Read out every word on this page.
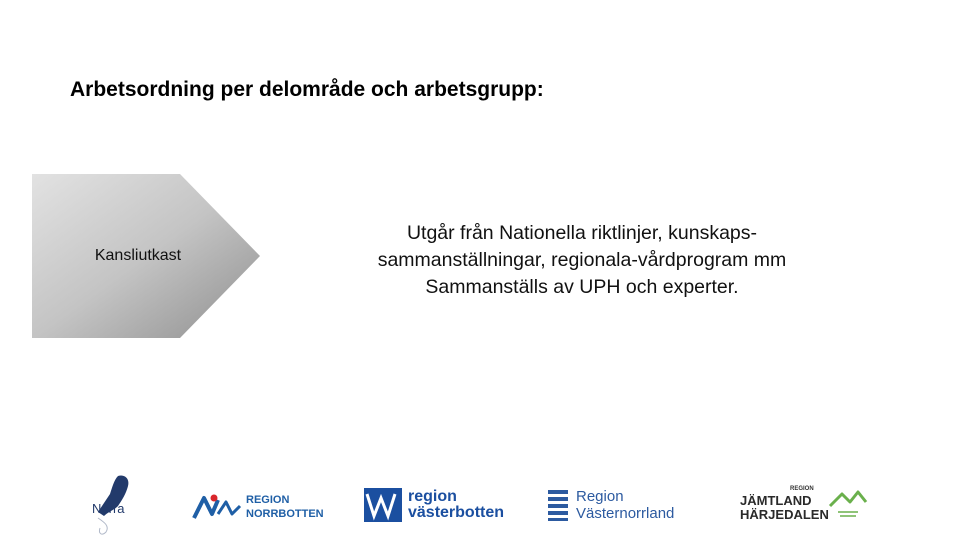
Arbetsordning per delområde och arbetsgrupp:
Kansliutkast
Utgår från Nationella riktlinjer, kunskaps-
sammanställningar, regionala-vårdprogram mm
Sammanställs av UPH och experter.
Norra
REGION
NORRBOTTEN
region
västerbotten
Region
Västernorrland
REGION
JÄMTLAND
HÄRJEDALEN
